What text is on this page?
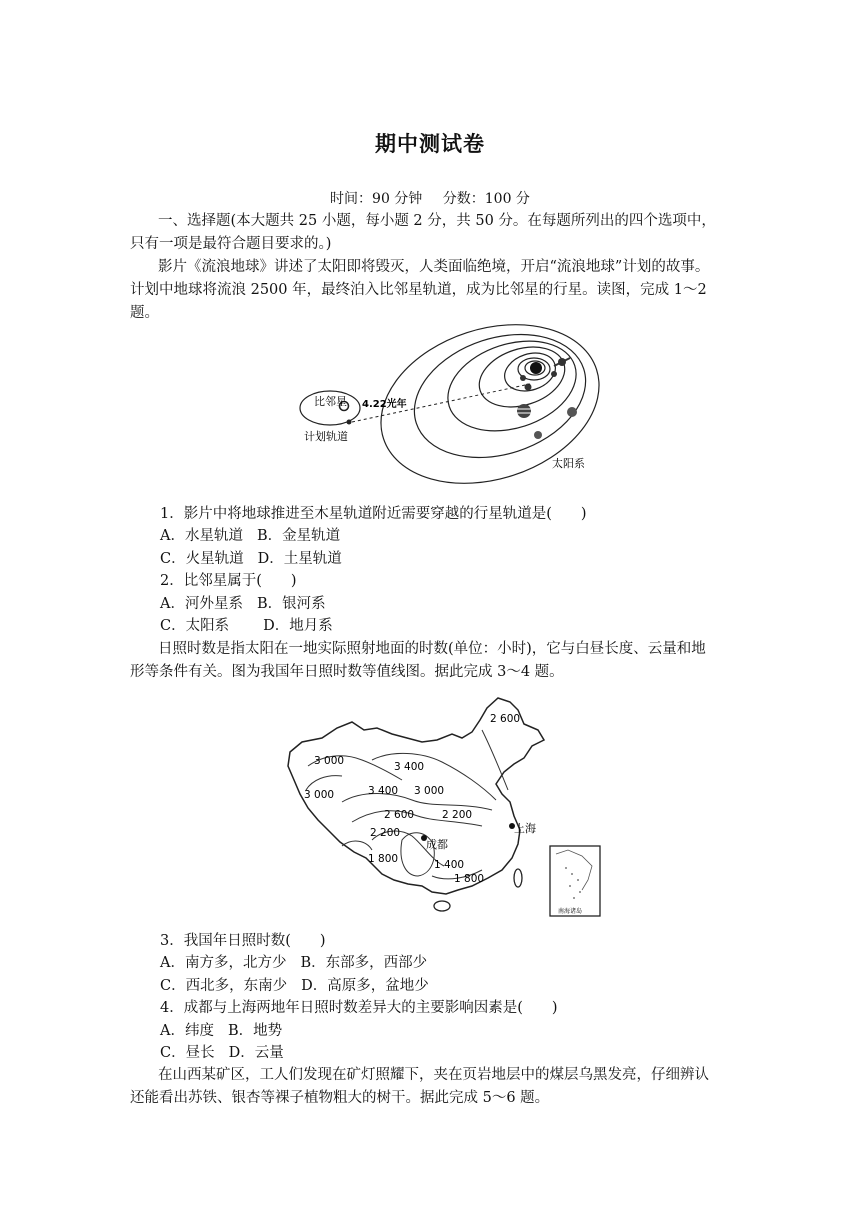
期中测试卷
时间：90 分钟 分数：100 分
一、选择题(本大题共 25 小题，每小题 2 分，共 50 分。在每题所列出的四个选项中，
只有一项是最符合题目要求的。)
影片《流浪地球》讲述了太阳即将毁灭，人类面临绝境，开启“流浪地球”计划的故事。
计划中地球将流浪 2500 年，最终泊入比邻星轨道，成为比邻星的行星。读图，完成 1～2
题。
比邻星 4.22光年
计划轨道
太阳系
1．影片中将地球推进至木星轨道附近需要穿越的行星轨道是(　　)
A．水星轨道 B．金星轨道
C．火星轨道 D．土星轨道
2．比邻星属于(　　)
A．河外星系 B．银河系
C．太阳系 D．地月系
日照时数是指太阳在一地实际照射地面的时数(单位：小时)，它与白昼长度、云量和地
形等条件有关。图为我国年日照时数等值线图。据此完成 3～4 题。
2 600
3 000	3 400
3 400
3 000	3 000
2 600	2 200
2 200
1 800	1 400
1 800
成都
上海
南海诸岛
3．我国年日照时数(　　)
A．南方多，北方少 B．东部多，西部少
C．西北多，东南少 D．高原多，盆地少
4．成都与上海两地年日照时数差异大的主要影响因素是(　　)
A．纬度 B．地势
C．昼长 D．云量
在山西某矿区，工人们发现在矿灯照耀下，夹在页岩地层中的煤层乌黑发亮，仔细辨认
还能看出苏铁、银杏等裸子植物粗大的树干。据此完成 5～6 题。
